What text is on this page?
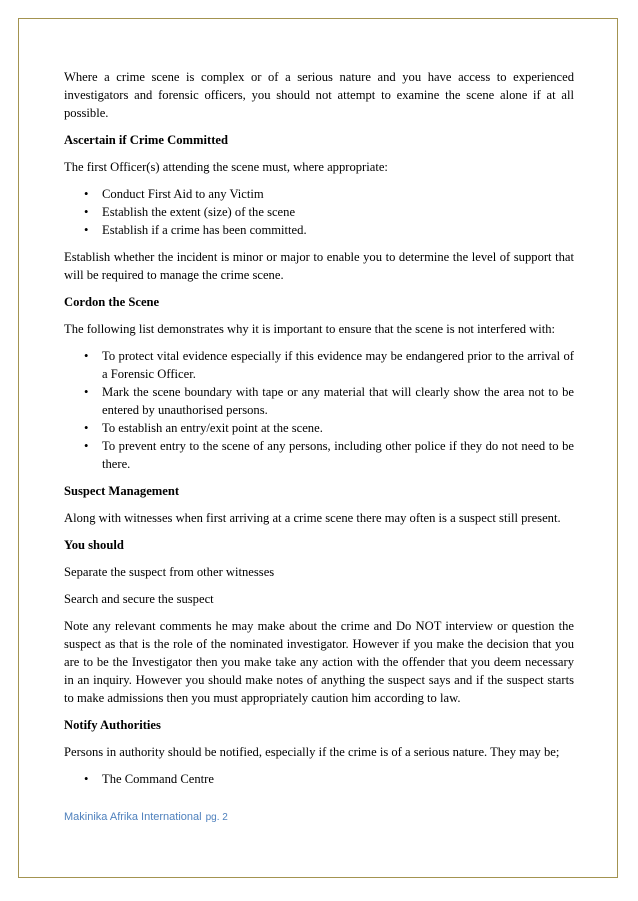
Where a crime scene is complex or of a serious nature and you have access to experienced investigators and forensic officers, you should not attempt to examine the scene alone if at all possible.

Ascertain if Crime Committed

The first Officer(s) attending the scene must, where appropriate:

• Conduct First Aid to any Victim
• Establish the extent (size) of the scene
• Establish if a crime has been committed.

Establish whether the incident is minor or major to enable you to determine the level of support that will be required to manage the crime scene.

Cordon the Scene

The following list demonstrates why it is important to ensure that the scene is not interfered with:

• To protect vital evidence especially if this evidence may be endangered prior to the arrival of a Forensic Officer.
• Mark the scene boundary with tape or any material that will clearly show the area not to be entered by unauthorised persons.
• To establish an entry/exit point at the scene.
• To prevent entry to the scene of any persons, including other police if they do not need to be there.
Suspect Management

Along with witnesses when first arriving at a crime scene there may often is a suspect still present.

You should

Separate the suspect from other witnesses

Search and secure the suspect

Note any relevant comments he may make about the crime and Do NOT interview or question the suspect as that is the role of the nominated investigator. However if you make the decision that you are to be the Investigator then you make take any action with the offender that you deem necessary in an inquiry. However you should make notes of anything the suspect says and if the suspect starts to make admissions then you must appropriately caution him according to law.

Notify Authorities

Persons in authority should be notified, especially if the crime is of a serious nature. They may be;

• The Command Centre
Makinika Afrika International pg. 2
